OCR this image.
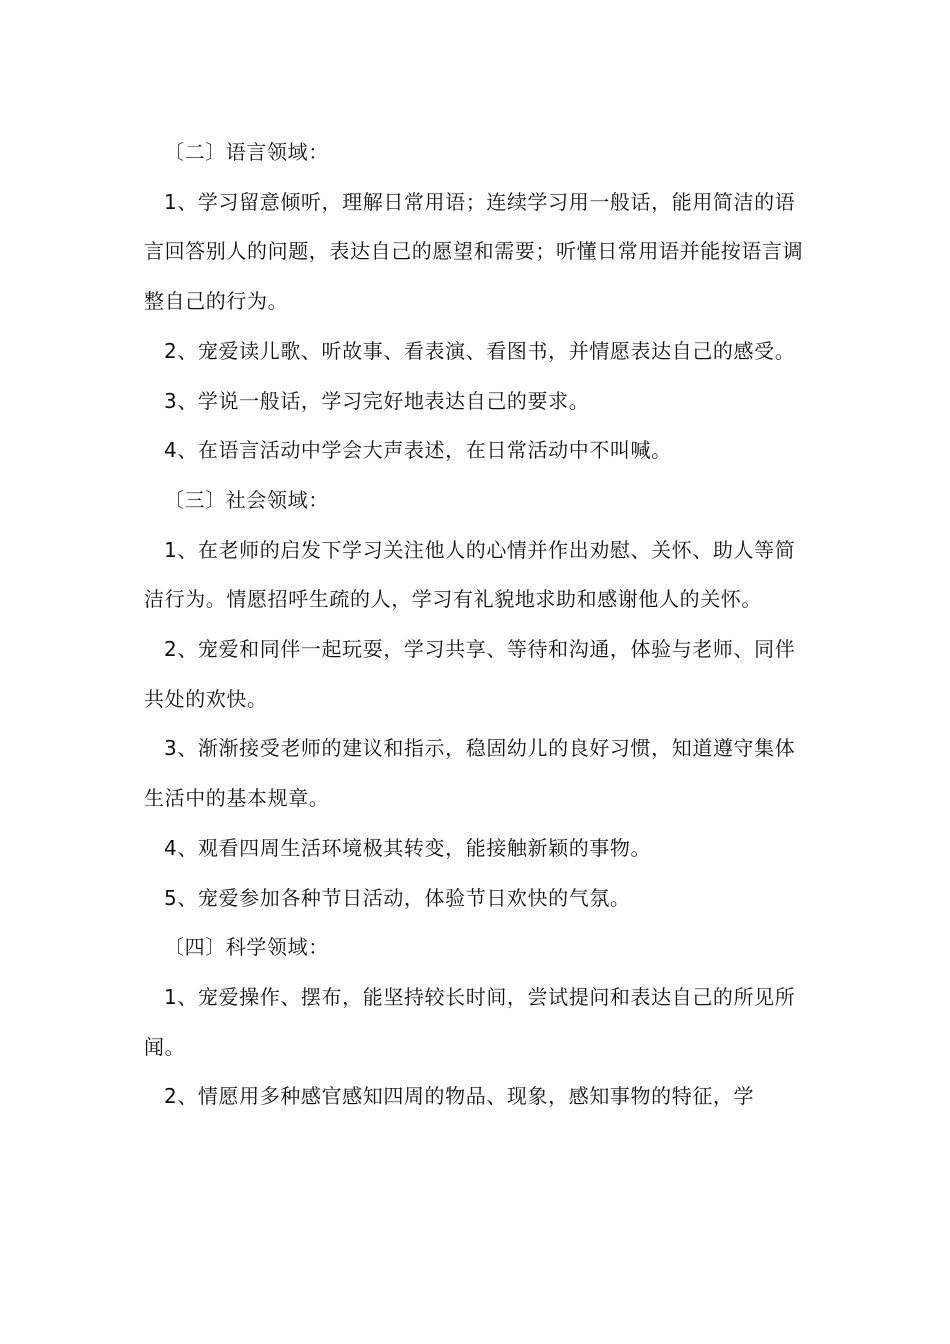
〔二〕语言领域：

1、学习留意倾听，理解日常用语；连续学习用一般话，能用简洁的语言回答别人的问题，表达自己的愿望和需要；听懂日常用语并能按语言调整自己的行为。

2、宠爱读儿歌、听故事、看表演、看图书，并情愿表达自己的感受。

3、学说一般话，学习完好地表达自己的要求。

4、在语言活动中学会大声表述，在日常活动中不叫喊。

〔三〕社会领域：

1、在老师的启发下学习关注他人的心情并作出劝慰、关怀、助人等简洁行为。情愿招呼生疏的人，学习有礼貌地求助和感谢他人的关怀。

2、宠爱和同伴一起玩耍，学习共享、等待和沟通，体验与老师、同伴共处的欢快。

3、渐渐接受老师的建议和指示，稳固幼儿的良好习惯，知道遵守集体生活中的基本规章。

4、观看四周生活环境极其转变，能接触新颖的事物。

5、宠爱参加各种节日活动，体验节日欢快的气氛。

〔四〕科学领域：

1、宠爱操作、摆布，能坚持较长时间，尝试提问和表达自己的所见所闻。

2、情愿用多种感官感知四周的物品、现象，感知事物的特征，学
